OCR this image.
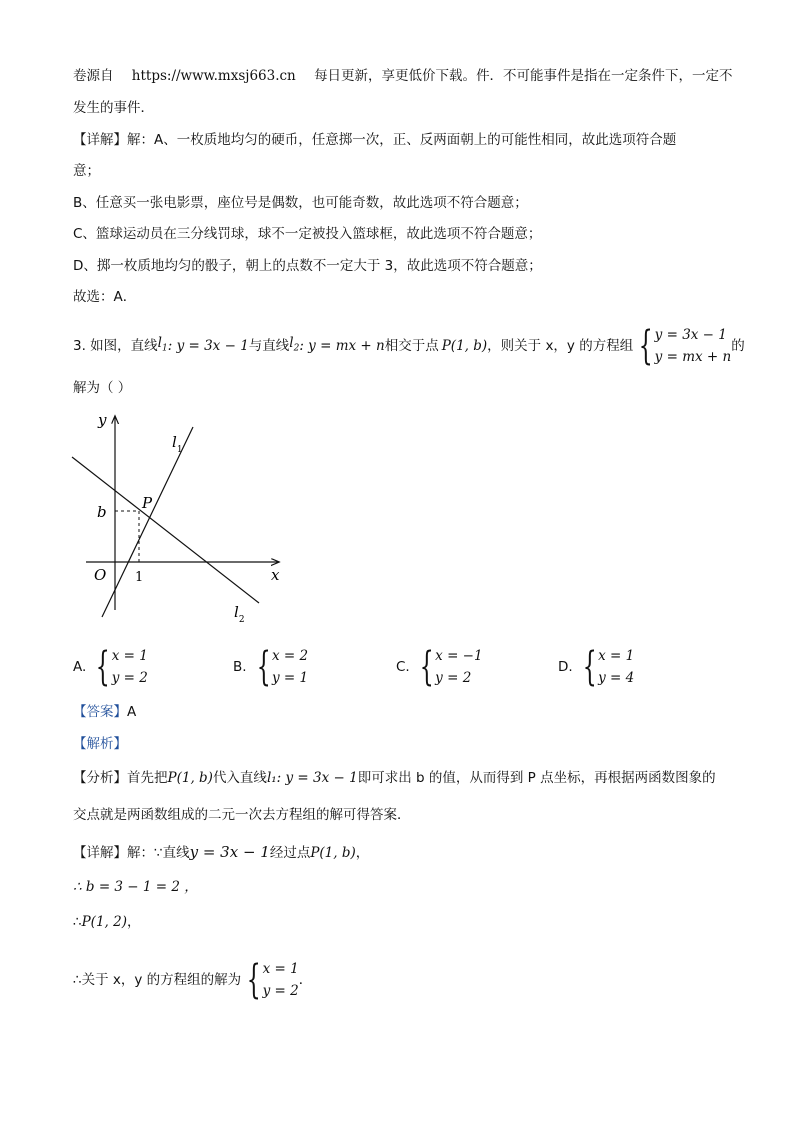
卷源自 https://www.mxsj663.cn 每日更新，享更低价下载。件．不可能事件是指在一定条件下，一定不
发生的事件．
【详解】解：A、一枚质地均匀的硬币，任意掷一次，正、反两面朝上的可能性相同，故此选项符合题
意；
B、任意买一张电影票，座位号是偶数，也可能奇数，故此选项不符合题意；
C、篮球运动员在三分线罚球，球不一定被投入篮球框，故此选项不符合题意；
D、掷一枚质地均匀的骰子，朝上的点数不一定大于 3，故此选项不符合题意；
故选：A．
3. 如图，直线 $l_1$ : y = 3x − 1 与直线 $l_2$ : y = mx + n 相交于点 P(1, b) ，则关于 x，y 的方程组 { y = 3x − 1
y = mx + n
的
解为（ ）
y
x
O
b P
1
$l_1$
$l_2$
A. { x = 1
y = 2
B. { x = 2
y = 1
C. { x = −1
y = 2
D. { x = 1
y = 4
【答案】A
【解析】
【分析】首先把P(1, b)代入直线l₁: y = 3x − 1即可求出 b 的值，从而得到 P 点坐标，再根据两函数图象的
交点就是两函数组成的二元一次去方程组的解可得答案．
【详解】解：∵直线y = 3x − 1经过点P(1, b)，
∴ b = 3 − 1 = 2 ，
∴P(1, 2)，
∴关于 x，y 的方程组的解为 { x = 1
y = 2
．
